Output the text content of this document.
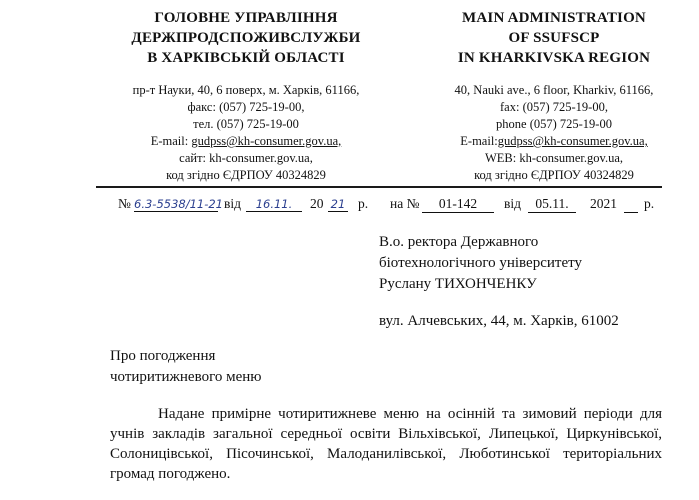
ГОЛОВНЕ УПРАВЛІННЯ
ДЕРЖПРОДСПОЖИВСЛУЖБИ
В ХАРКІВСЬКІЙ ОБЛАСТІ
пр-т Науки, 40, 6 поверх, м. Харків, 61166,
факс: (057) 725-19-00,
тел. (057) 725-19-00
E-mail: gudpss@kh-consumer.gov.ua,
сайт: kh-consumer.gov.ua,
код згідно ЄДРПОУ 40324829
MAIN ADMINISTRATION
OF SSUFSCP
IN KHARKIVSKA REGION
40, Nauki ave., 6 floor, Kharkiv, 61166,
fax: (057) 725-19-00,
phone (057) 725-19-00
E-mail:gudpss@kh-consumer.gov.ua,
WEB: kh-consumer.gov.ua,
код згідно ЄДРПОУ 40324829
№ 6.3-5538/11-21 від	16.11.	20 21 р. на №	01-142	від	05.11.	2021 р.
В.о. ректора Державного
біотехнологічного університету
Руслану ТИХОНЧЕНКУ
вул. Алчевських, 44, м. Харків, 61002
Про погодження
чотиритижневого меню

Надане примірне чотиритижневе меню на осінній та зимовий періоди для учнів закладів загальної середньої освіти Вільхівської, Липецької, Циркунівської, Солоницівської, Пісочинської, Малоданилівської, Люботинської територіальних громад погоджено.
